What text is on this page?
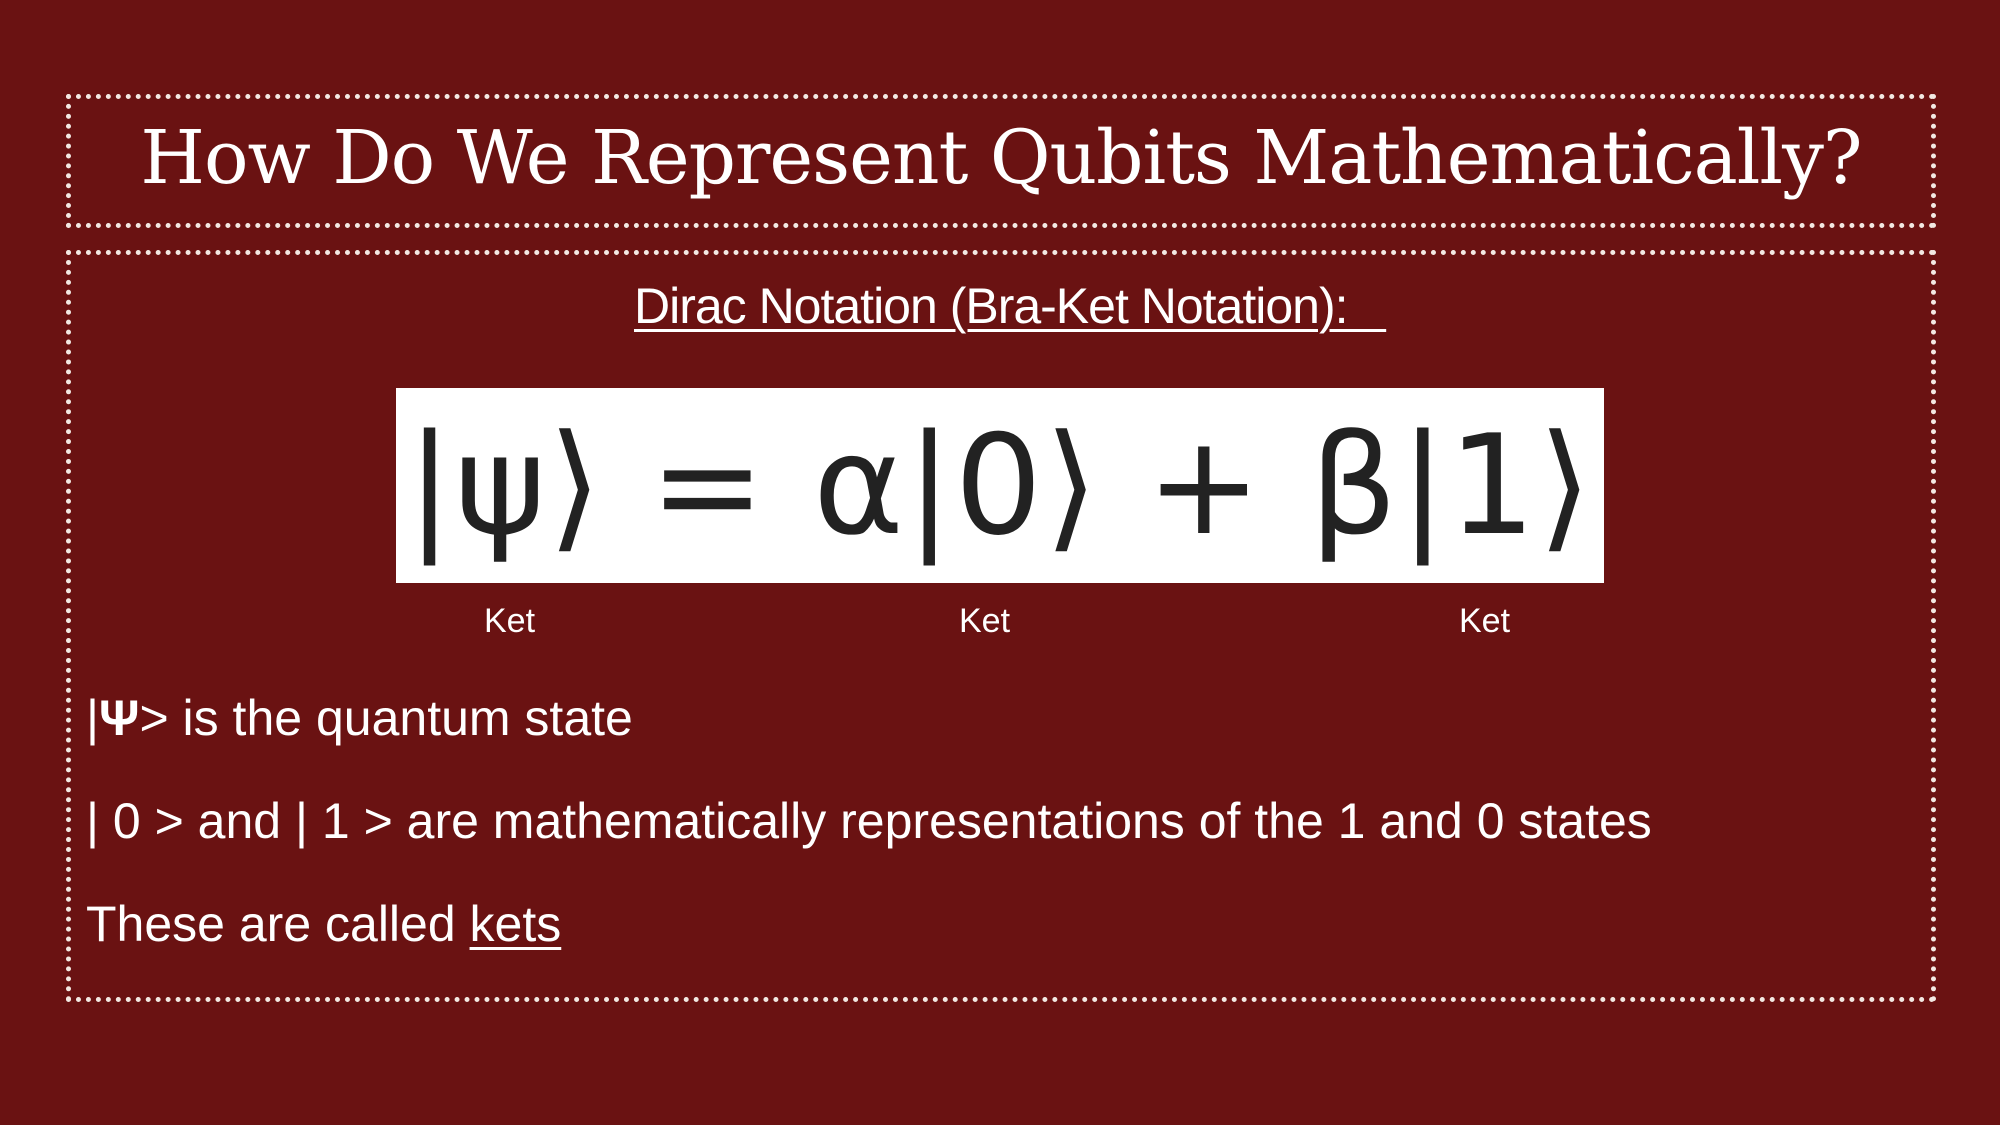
How Do We Represent Qubits Mathematically?
Dirac Notation (Bra-Ket Notation):
|ψ⟩ = α|0⟩ + β|1⟩
Ket	Ket	Ket
|Ψ> is the quantum state
| 0 > and | 1 > are mathematically representations of the 1 and 0 states
These are called kets
